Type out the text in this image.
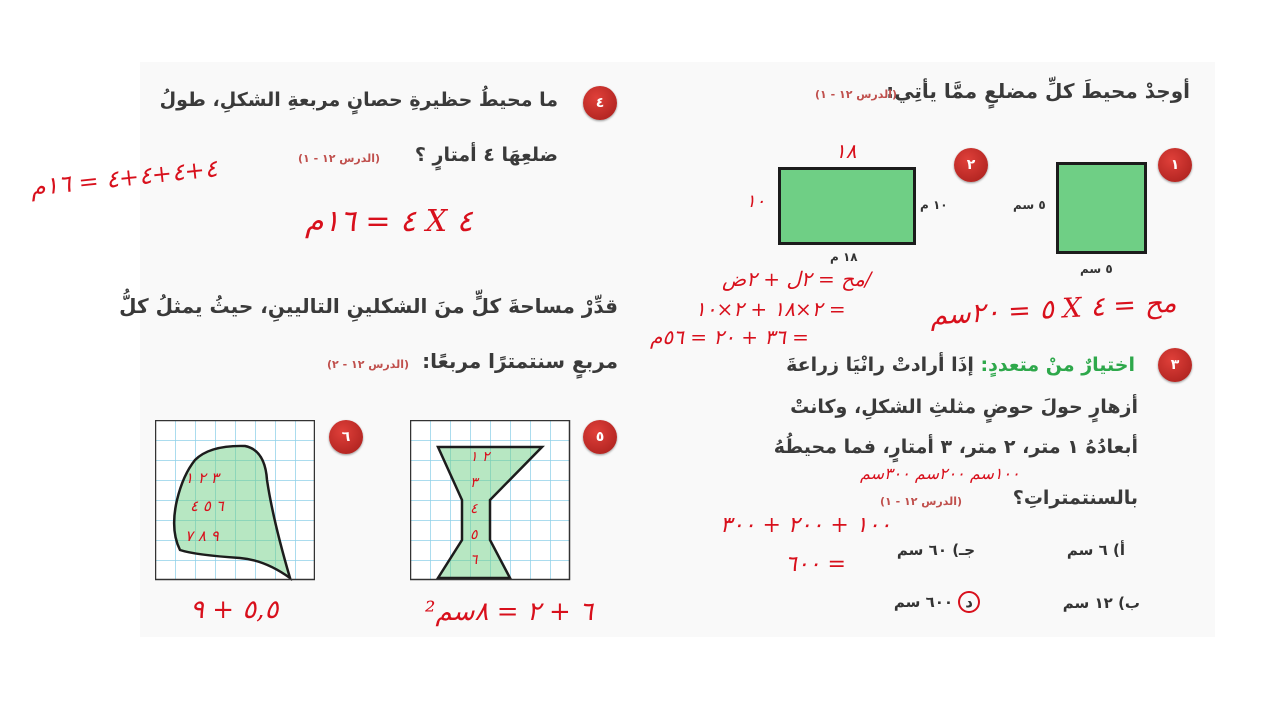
أوجدْ محيطَ كلِّ مضلعٍ ممَّا يأتِي:
(الدرس ١٢ - ١)
١
٥ سم
٥ سم
٢
١٠ م
١٨ م
٣
اختيارٌ منْ متعددٍ: إذَا أرادتْ رانْيَا زراعةَ
أزهارٍ حولَ حوضٍ مثلثِ الشكلِ، وكانتْ
أبعادُهُ ١ متر، ٢ متر، ٣ أمتارٍ، فما محيطُهُ
بالسنتمتراتِ؟
(الدرس ١٢ - ١)
أ) ٦ سم
جـ) ٦٠ سم
ب) ١٢ سم
د ٦٠٠ سم
٤
ما محيطُ حظيرةِ حصانٍ مربعةِ الشكلِ، طولُ
ضلعِهَا ٤ أمتارٍ ؟
(الدرس ١٢ - ١)
قدِّرْ مساحةَ كلٍّ منَ الشكلينِ التاليينِ، حيثُ يمثلُ كلُّ
مربعٍ سنتمترًا مربعًا:
(الدرس ١٢ - ٢)
٦	٥
٤+٤+٤+٤ = ١٦م
٤ X ٤ = ١٦م
١٨
١٠
/مح = ٢ل + ٢ض
= ٢×١٨ + ٢×١٠
= ٣٦ + ٢٠ = ٥٦م
مح = ٤ X ٥ = ٢٠سم
١٠٠سم ٢٠٠سم ٣٠٠سم
١٠٠ + ٢٠٠ + ٣٠٠
= ٦٠٠
٥,٥ + ٩	٦ + ٢ = ٨سم²
٣ ٢ ١
٦ ٥ ٤
٩ ٨ ٧
٢ ١
٣
٤
٥
٦
